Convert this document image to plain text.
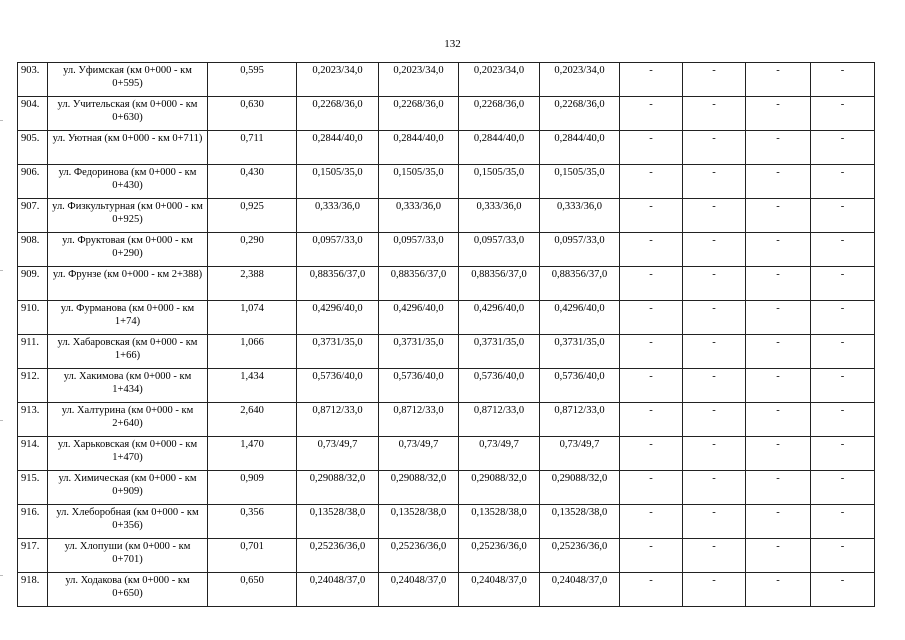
132
903.	ул. Уфимская (км 0+000 - км 0+595)	0,595	0,2023/34,0	0,2023/34,0	0,2023/34,0	0,2023/34,0	-	-	-	-
904.	ул. Учительская (км 0+000 - км 0+630)	0,630	0,2268/36,0	0,2268/36,0	0,2268/36,0	0,2268/36,0	-	-	-	-
905.	ул. Уютная (км 0+000 - км 0+711)	0,711	0,2844/40,0	0,2844/40,0	0,2844/40,0	0,2844/40,0	-	-	-	-
906.	ул. Федоринова (км 0+000 - км 0+430)	0,430	0,1505/35,0	0,1505/35,0	0,1505/35,0	0,1505/35,0	-	-	-	-
907.	ул. Физкультурная (км 0+000 - км 0+925)	0,925	0,333/36,0	0,333/36,0	0,333/36,0	0,333/36,0	-	-	-	-
908.	ул. Фруктовая (км 0+000 - км 0+290)	0,290	0,0957/33,0	0,0957/33,0	0,0957/33,0	0,0957/33,0	-	-	-	-
909.	ул. Фрунзе (км 0+000 - км 2+388)	2,388	0,88356/37,0	0,88356/37,0	0,88356/37,0	0,88356/37,0	-	-	-	-
910.	ул. Фурманова (км 0+000 - км 1+74)	1,074	0,4296/40,0	0,4296/40,0	0,4296/40,0	0,4296/40,0	-	-	-	-
911.	ул. Хабаровская (км 0+000 - км 1+66)	1,066	0,3731/35,0	0,3731/35,0	0,3731/35,0	0,3731/35,0	-	-	-	-
912.	ул. Хакимова (км 0+000 - км 1+434)	1,434	0,5736/40,0	0,5736/40,0	0,5736/40,0	0,5736/40,0	-	-	-	-
913.	ул. Халтурина (км 0+000 - км 2+640)	2,640	0,8712/33,0	0,8712/33,0	0,8712/33,0	0,8712/33,0	-	-	-	-
914.	ул. Харьковская (км 0+000 - км 1+470)	1,470	0,73/49,7	0,73/49,7	0,73/49,7	0,73/49,7	-	-	-	-
915.	ул. Химическая (км 0+000 - км 0+909)	0,909	0,29088/32,0	0,29088/32,0	0,29088/32,0	0,29088/32,0	-	-	-	-
916.	ул. Хлеборобная (км 0+000 - км 0+356)	0,356	0,13528/38,0	0,13528/38,0	0,13528/38,0	0,13528/38,0	-	-	-	-
917.	ул. Хлопуши (км 0+000 - км 0+701)	0,701	0,25236/36,0	0,25236/36,0	0,25236/36,0	0,25236/36,0	-	-	-	-
918.	ул. Ходакова (км 0+000 - км 0+650)	0,650	0,24048/37,0	0,24048/37,0	0,24048/37,0	0,24048/37,0	-	-	-	-
